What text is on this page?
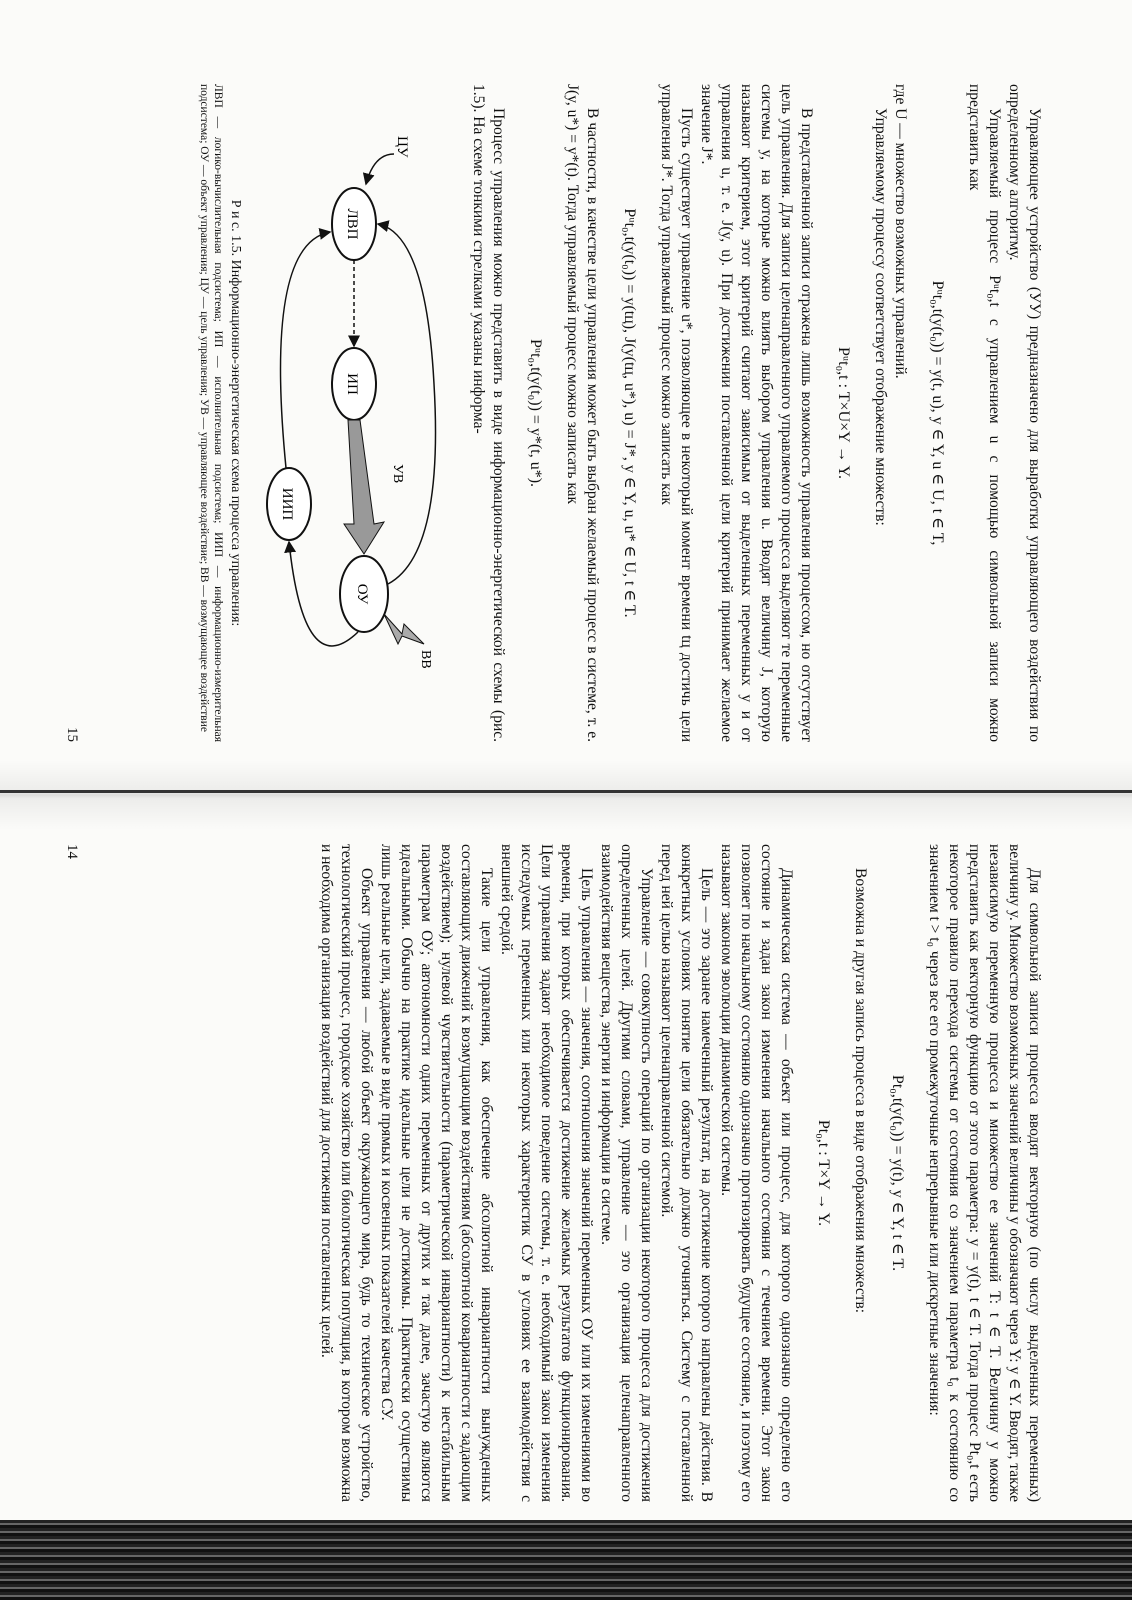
Управляющее устройство (УУ) предназначено для выработки управляющего воздействия по определенному алгоритму.

Управляемый процесс Pᵘt₀,t с управлением u с помощью символьной записи можно представить как

Pᵘt₀,t(y(t₀)) = y(t, u), y ∈ Y, u ∈ U, t ∈ T,

где U — множество возможных управлений.

Управляемому процессу соответствует отображение множеств:

Pᵘt₀,t : T×U×Y → Y.

В представленной записи отражена лишь возможность управления процессом, но отсутствует цель управления. Для записи целенаправленного управляемого процесса выделяют те переменные системы y, на которые можно влиять выбором управления u. Вводят величину J, которую называют критерием, этот критерий считают зависимым от выделенных переменных y и от управления u, т. е. J(y, u). При достижении поставленной цели критерий принимает желаемое значение J*.

Пусть существует управление u*, позволяющее в некоторый момент времени tц достичь цели управления J*. Тогда управляемый процесс можно записать как

Pᵘt₀,t(y(t₀)) = y(tц), J(y(tц, u*), u) = J*, y ∈ Y, u, u* ∈ U, t ∈ T.

В частности, в качестве цели управления может быть выбран желаемый процесс в системе, т. е. J(y, u*) = y*(t). Тогда управляемый процесс можно записать как

Pᵘt₀,t(y(t₀)) = y*(t, u*).

Процесс управления можно представить в виде информационно-энергетической схемы (рис. 1.5). На схеме тонкими стрелками указаны информа-

ЦУ
ЛВП
ИП
УВ
ОУ
ВВ
ИИП
Р и с. 1.5. Информационно-энергетическая схема процесса управления:
ЛВП — логико-вычислительная подсистема; ИП — исполнительная подсистема; ИИП — информационно-измерительная подсистема; ОУ — объект управления; ЦУ — цель управления; УВ — управляющее воздействие; ВВ — возмущающее воздействие
15

Для символьной записи процесса вводят векторную (по числу выделенных переменных) величину y. Множество возможных значений величины y обозначают через Y: y ∈ Y. Вводят, также независимую переменную процесса и множество ее значений T: t ∈ T. Величину y можно представить как векторную функцию от этого параметра: y = y(t), t ∈ T. Тогда процесс Pt₀,t есть некоторое правило перехода системы от состояния со значением параметра t₀ к состоянию со значением t > t₀ через все его промежуточные непрерывные или дискретные значения:

Pt₀,t(y(t₀)) = y(t), y ∈ Y, t ∈ T.

Возможна и другая запись процесса в виде отображения множеств:

Pt₀,t : T×Y → Y.

Динамическая система — объект или процесс, для которого однозначно определено его состояние и задан закон изменения начального состояния с течением времени. Этот закон позволяет по начальному состоянию однозначно прогнозировать будущее состояние, и поэтому его называют законом эволюции динамической системы.

Цель — это заранее намеченный результат, на достижение которого направлены действия. В конкретных условиях понятие цели обязательно должно уточняться. Систему с поставленной перед ней целью называют целенаправленной системой.

Управление — совокупность операций по организации некоторого процесса для достижения определенных целей. Другими словами, управление — это организация целенаправленного взаимодействия вещества, энергии и информации в системе.

Цель управления — значения, соотношения значений переменных ОУ или их изменениями во времени, при которых обеспечивается достижение желаемых результатов функционирования. Цели управления задают необходимое поведение системы, т. е. необходимый закон изменения исследуемых переменных или некоторых характеристик СУ в условиях ее взаимодействия с внешней средой.

Такие цели управления, как обеспечение абсолютной инвариантности вынужденных составляющих движений к возмущающим воздействиям (абсолютной ковариантности с задающим воздействием); нулевой чувствительности (параметрической инвариантности) к нестабильным параметрам ОУ; автономности одних переменных от других и так далее, зачастую являются идеальными. Обычно на практике идеальные цели не достижимы. Практически осуществимы лишь реальные цели, задаваемые в виде прямых и косвенных показателей качества СУ.

Объект управления — любой объект окружающего мира, будь то техническое устройство, технологический процесс, городское хозяйство или биологическая популяция, в котором возможна и необходима организация воздействий для достижения поставленных целей.

14
